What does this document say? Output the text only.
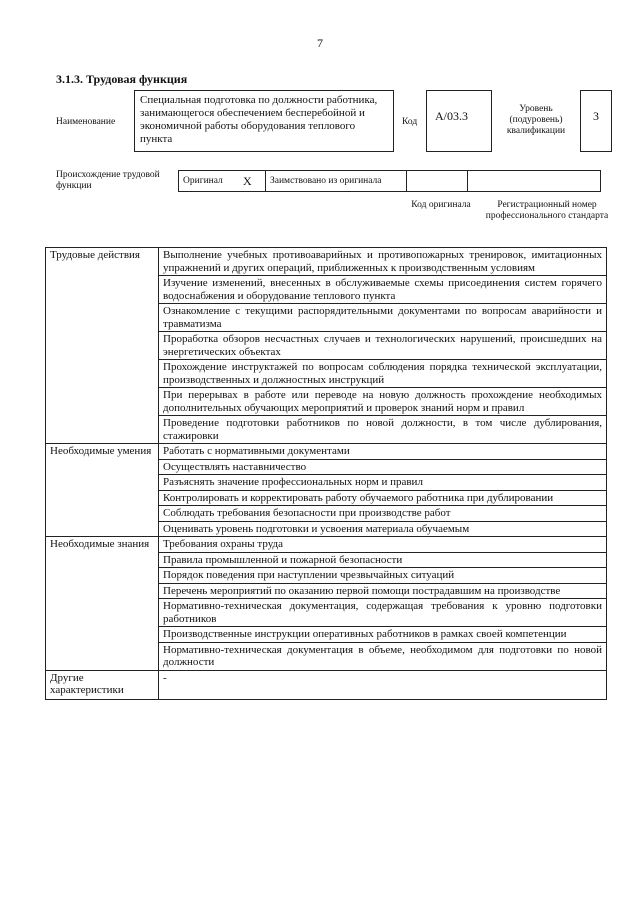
7
3.1.3. Трудовая функция
Наименование
Специальная подготовка по должности работника, занимающегося обеспечением бесперебойной и экономичной работы оборудования теплового пункта
Код	A/03.3	Уровень (подуровень) квалификации
3
Происхождение трудовой функции	Оригинал	X	Заимствовано из оригинала		
Код оригинала	Регистрационный номер профессионального стандарта
Трудовые действия	Выполнение учебных противоаварийных и противопожарных тренировок, имитационных упражнений и других операций, приближенных к производственным условиям
	Изучение изменений, внесенных в обслуживаемые схемы присоединения систем горячего водоснабжения и оборудование теплового пункта
	Ознакомление с текущими распорядительными документами по вопросам аварийности и травматизма
	Проработка обзоров несчастных случаев и технологических нарушений, происшедших на энергетических объектах
	Прохождение инструктажей по вопросам соблюдения порядка технической эксплуатации, производственных и должностных инструкций
	При перерывах в работе или переводе на новую должность прохождение необходимых дополнительных обучающих мероприятий и проверок знаний норм и правил
	Проведение подготовки работников по новой должности, в том числе дублирования, стажировки
Необходимые умения	Работать с нормативными документами
	Осуществлять наставничество
	Разъяснять значение профессиональных норм и правил
	Контролировать и корректировать работу обучаемого работника при дублировании
	Соблюдать требования безопасности при производстве работ
	Оценивать уровень подготовки и усвоения материала обучаемым
Необходимые знания	Требования охраны труда
	Правила промышленной и пожарной безопасности
	Порядок поведения при наступлении чрезвычайных ситуаций
	Перечень мероприятий по оказанию первой помощи пострадавшим на производстве
	Нормативно-техническая документация, содержащая требования к уровню подготовки работников
	Производственные инструкции оперативных работников в рамках своей компетенции
	Нормативно-техническая документация в объеме, необходимом для подготовки по новой должности
Другие характеристики	-
